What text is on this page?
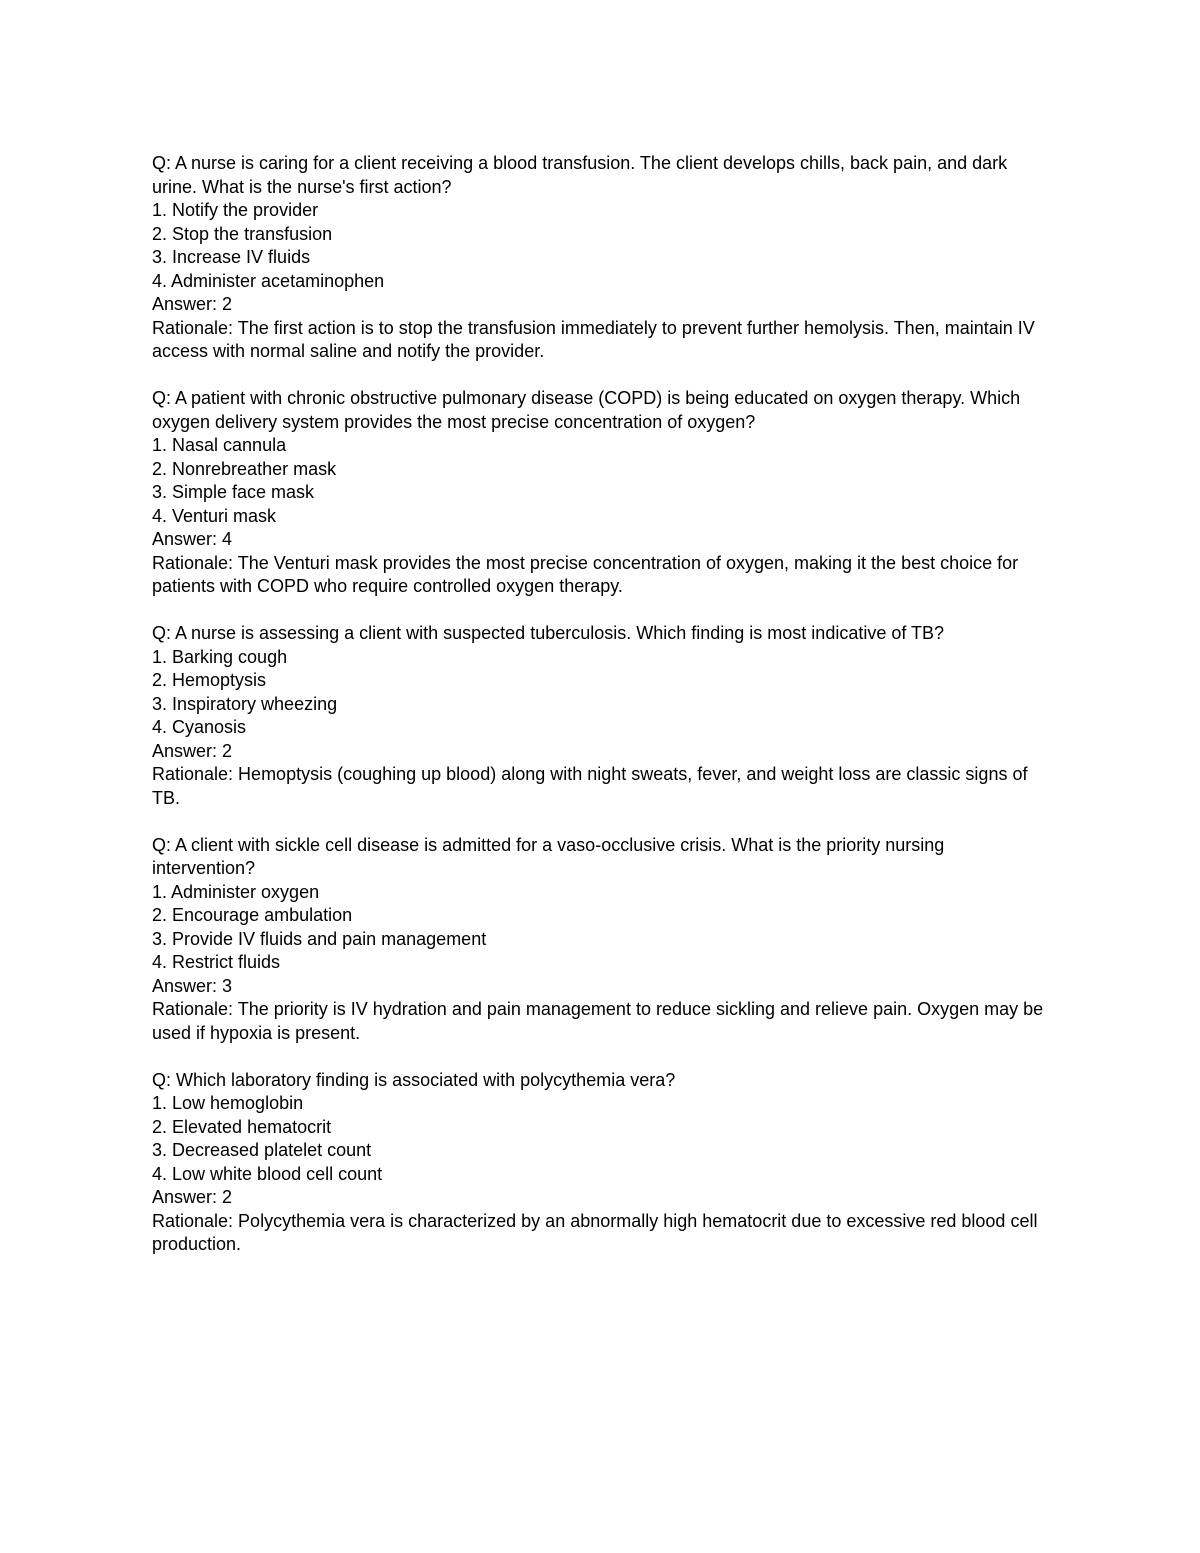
Q: A nurse is caring for a client receiving a blood transfusion. The client develops chills, back pain, and dark urine. What is the nurse's first action?
1. Notify the provider
2. Stop the transfusion
3. Increase IV fluids
4. Administer acetaminophen
Answer: 2
Rationale: The first action is to stop the transfusion immediately to prevent further hemolysis. Then, maintain IV access with normal saline and notify the provider.
Q: A patient with chronic obstructive pulmonary disease (COPD) is being educated on oxygen therapy. Which oxygen delivery system provides the most precise concentration of oxygen?
1. Nasal cannula
2. Nonrebreather mask
3. Simple face mask
4. Venturi mask
Answer: 4
Rationale: The Venturi mask provides the most precise concentration of oxygen, making it the best choice for patients with COPD who require controlled oxygen therapy.
Q: A nurse is assessing a client with suspected tuberculosis. Which finding is most indicative of TB?
1. Barking cough
2. Hemoptysis
3. Inspiratory wheezing
4. Cyanosis
Answer: 2
Rationale: Hemoptysis (coughing up blood) along with night sweats, fever, and weight loss are classic signs of TB.
Q: A client with sickle cell disease is admitted for a vaso-occlusive crisis. What is the priority nursing intervention?
1. Administer oxygen
2. Encourage ambulation
3. Provide IV fluids and pain management
4. Restrict fluids
Answer: 3
Rationale: The priority is IV hydration and pain management to reduce sickling and relieve pain. Oxygen may be used if hypoxia is present.
Q: Which laboratory finding is associated with polycythemia vera?
1. Low hemoglobin
2. Elevated hematocrit
3. Decreased platelet count
4. Low white blood cell count
Answer: 2
Rationale: Polycythemia vera is characterized by an abnormally high hematocrit due to excessive red blood cell production.
